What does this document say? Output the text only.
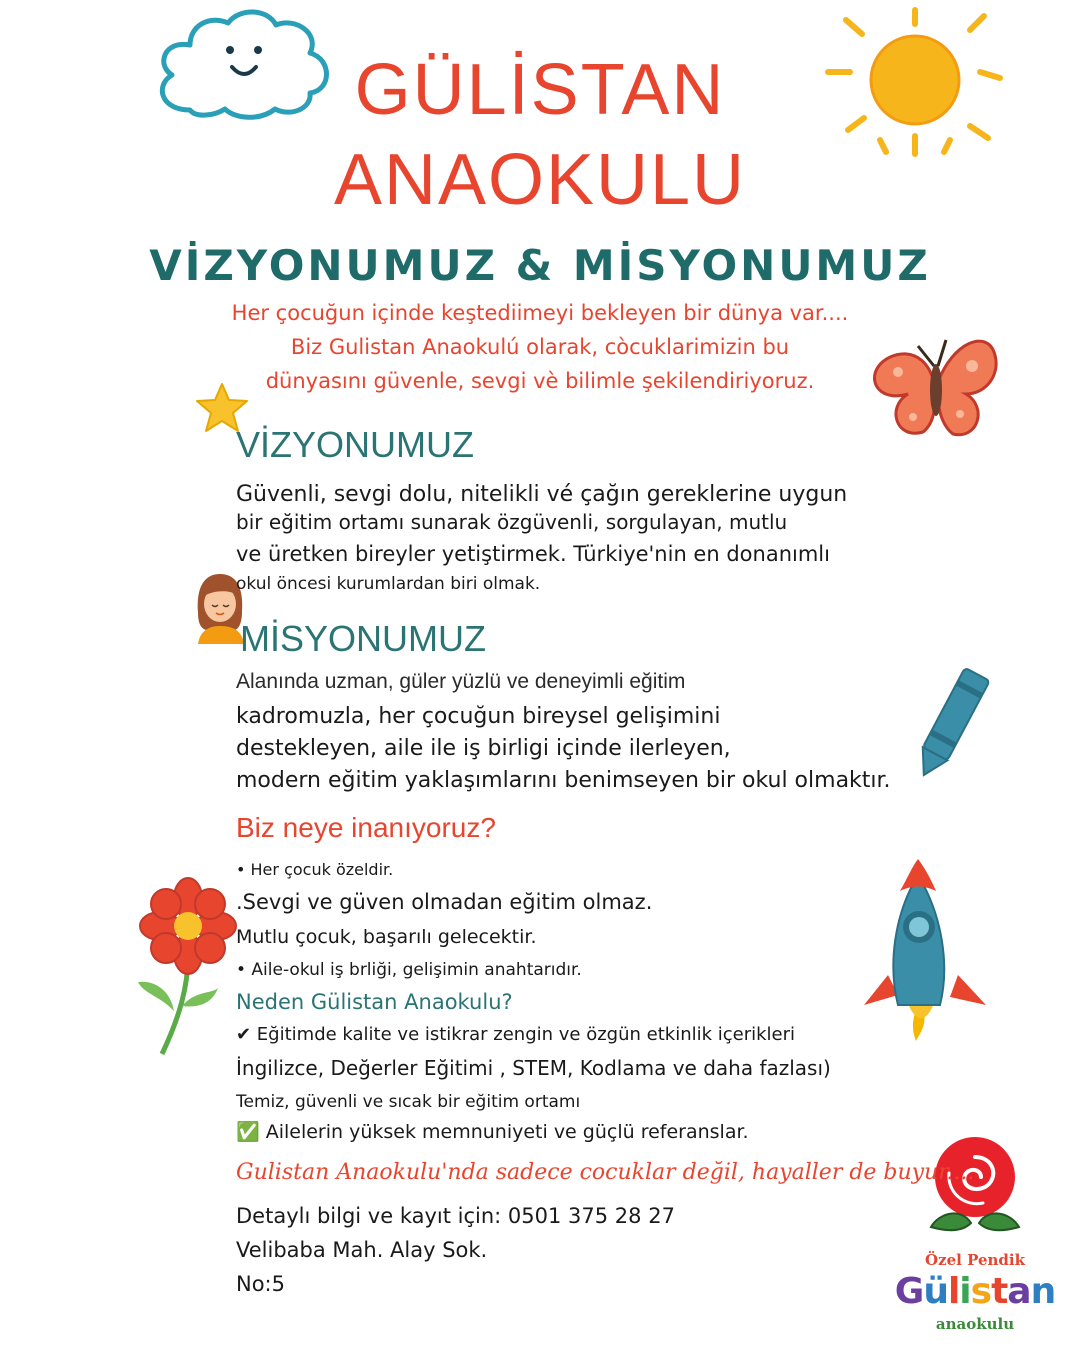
GÜLİSTAN
ANAOKULU
VİZYONUMUZ & MİSYONUMUZ
Her çocuğun içinde keştediimeyi bekleyen bir dünya var....
Biz Gulistan Anaokulú olarak, còcuklarimizin bu
dünyasını güvenle, sevgi vè bilimle şekilendiriyoruz.
VİZYONUMUZ
Güvenli, sevgi dolu, nitelikli vé çağın gereklerine uygun
bir eğitim ortamı sunarak özgüvenli, sorgulayan, mutlu
ve üretken bireyler yetiştirmek. Türkiye'nin en donanımlı
okul öncesi kurumlardan biri olmak.
MİSYONUMUZ
Alanında uzman, güler yüzlü ve deneyimli eğitim
kadromuzla, her çocuğun bireysel gelişimini
destekleyen, aile ile iş birligi içinde ilerleyen,
modern eğitim yaklaşımlarını benimseyen bir okul olmaktır.
Biz neye inanıyoruz?
• Her çocuk özeldir.
.Sevgi ve güven olmadan eğitim olmaz.
Mutlu çocuk, başarılı gelecektir.
• Aile-okul iş brliği, gelişimin anahtarıdır.
Neden Gülistan Anaokulu?
✔ Eğitimde kalite ve istikrar zengin ve özgün etkinlik içerikleri
İngilizce, Değerler Eğitimi , STEM, Kodlama ve daha fazlası)
Temiz, güvenli ve sıcak bir eğitim ortamı
✅ Ailelerin yüksek memnuniyeti ve güçlü referanslar.
Gulistan Anaokulu'nda sadece cocuklar değil, hayaller de buyur....
Detaylı bilgi ve kayıt için: 0501 375 28 27
Velibaba Mah. Alay Sok.
No:5
Özel Pendik
Gülistan
anaokulu
